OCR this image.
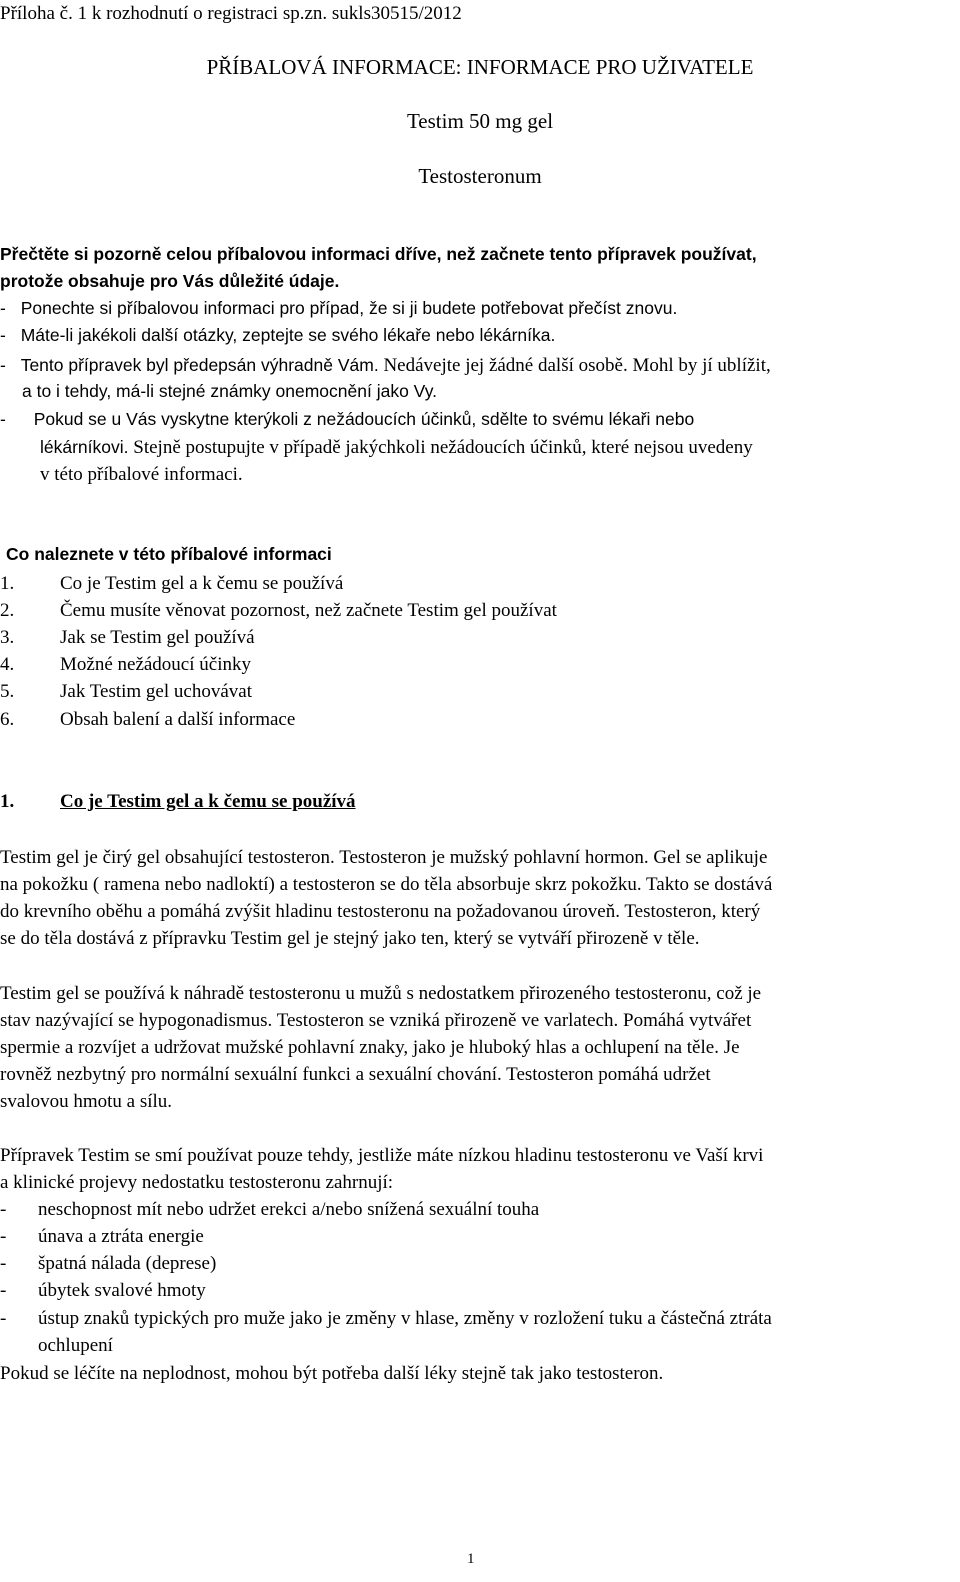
Příloha č. 1 k rozhodnutí o registraci sp.zn. sukls30515/2012
PŘÍBALOVÁ INFORMACE: INFORMACE PRO UŽIVATELE
Testim 50 mg gel
Testosteronum
Přečtěte si pozorně celou příbalovou informaci dříve, než začnete tento přípravek používat,
protože obsahuje pro Vás důležité údaje.
- Ponechte si příbalovou informaci pro případ, že si ji budete potřebovat přečíst znovu.
- Máte-li jakékoli další otázky, zeptejte se svého lékaře nebo lékárníka.
- Tento přípravek byl předepsán výhradně Vám. Nedávejte jej žádné další osobě. Mohl by jí ublížit,
a to i tehdy, má-li stejné známky onemocnění jako Vy.
- Pokud se u Vás vyskytne kterýkoli z nežádoucích účinků, sdělte to svému lékaři nebo
lékárníkovi. Stejně postupujte v případě jakýchkoli nežádoucích účinků, které nejsou uvedeny
v této příbalové informaci.
Co naleznete v této příbalové informaci
1. Co je Testim gel a k čemu se používá
2. Čemu musíte věnovat pozornost, než začnete Testim gel používat
3. Jak se Testim gel používá
4. Možné nežádoucí účinky
5. Jak Testim gel uchovávat
6. Obsah balení a další informace
1. Co je Testim gel a k čemu se používá
Testim gel je čirý gel obsahující testosteron. Testosteron je mužský pohlavní hormon. Gel se aplikuje
na pokožku ( ramena nebo nadloktí) a testosteron se do těla absorbuje skrz pokožku. Takto se dostává
do krevního oběhu a pomáhá zvýšit hladinu testosteronu na požadovanou úroveň. Testosteron, který
se do těla dostává z přípravku Testim gel je stejný jako ten, který se vytváří přirozeně v těle.
Testim gel se používá k náhradě testosteronu u mužů s nedostatkem přirozeného testosteronu, což je
stav nazývající se hypogonadismus. Testosteron se vzniká přirozeně ve varlatech. Pomáhá vytvářet
spermie a rozvíjet a udržovat mužské pohlavní znaky, jako je hluboký hlas a ochlupení na těle. Je
rovněž nezbytný pro normální sexuální funkci a sexuální chování. Testosteron pomáhá udržet
svalovou hmotu a sílu.
Přípravek Testim se smí používat pouze tehdy, jestliže máte nízkou hladinu testosteronu ve Vaší krvi
a klinické projevy nedostatku testosteronu zahrnují:
- neschopnost mít nebo udržet erekci a/nebo snížená sexuální touha
- únava a ztráta energie
- špatná nálada (deprese)
- úbytek svalové hmoty
- ústup znaků typických pro muže jako je změny v hlase, změny v rozložení tuku a částečná ztráta
ochlupení
Pokud se léčíte na neplodnost, mohou být potřeba další léky stejně tak jako testosteron.
1
